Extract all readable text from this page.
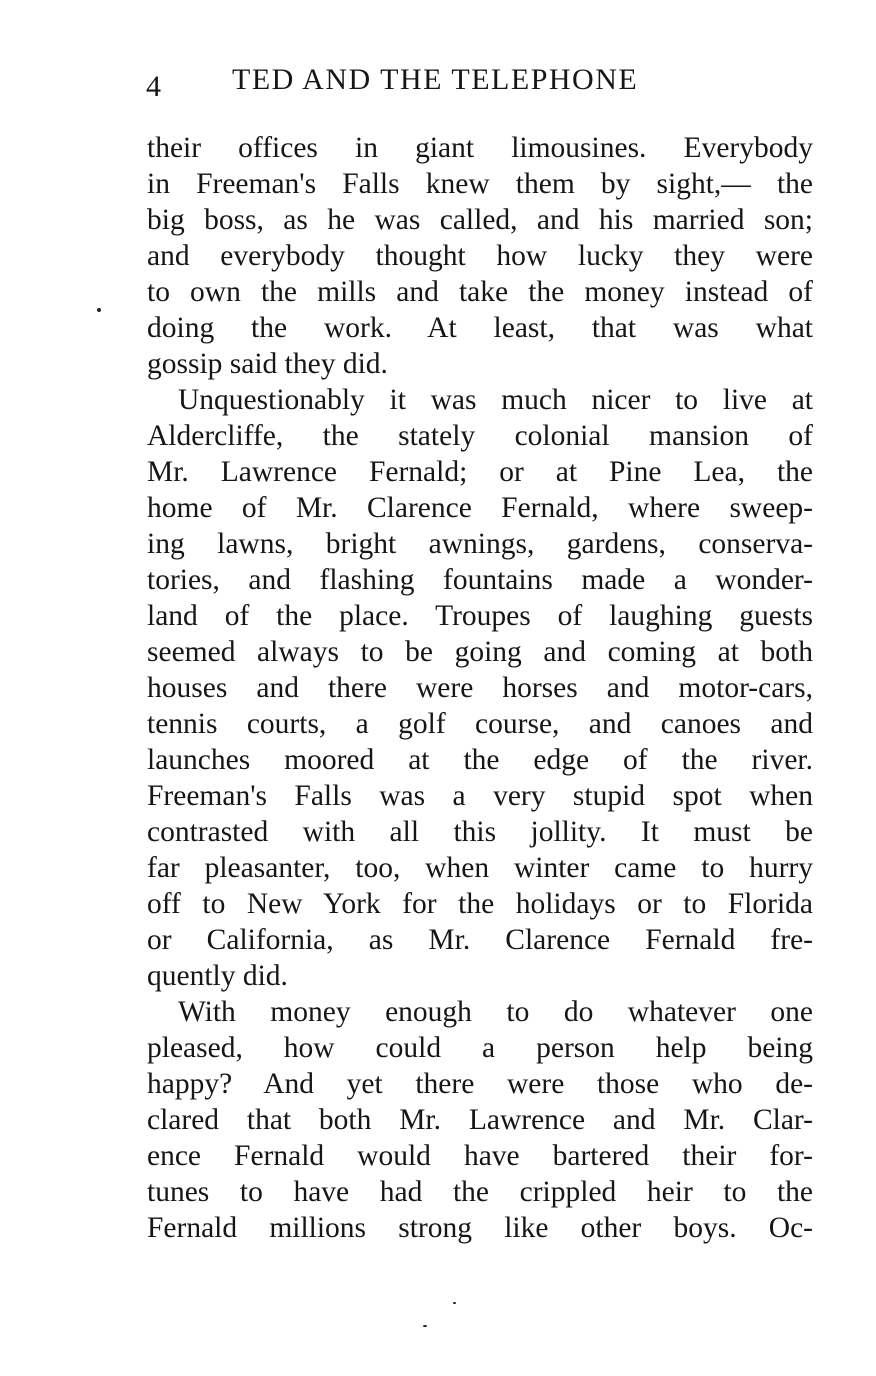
4 TED AND THE TELEPHONE

their offices in giant limousines. Everybody
in Freeman's Falls knew them by sight,— the
big boss, as he was called, and his married son;
and everybody thought how lucky they were
to own the mills and take the money instead of
doing the work. At least, that was what
gossip said they did.

Unquestionably it was much nicer to live at
Aldercliffe, the stately colonial mansion of
Mr. Lawrence Fernald; or at Pine Lea, the
home of Mr. Clarence Fernald, where sweep-
ing lawns, bright awnings, gardens, conserva-
tories, and flashing fountains made a wonder-
land of the place. Troupes of laughing guests
seemed always to be going and coming at both
houses and there were horses and motor-cars,
tennis courts, a golf course, and canoes and
launches moored at the edge of the river.
Freeman's Falls was a very stupid spot when
contrasted with all this jollity. It must be
far pleasanter, too, when winter came to hurry
off to New York for the holidays or to Florida
or California, as Mr. Clarence Fernald fre-
quently did.

With money enough to do whatever one
pleased, how could a person help being
happy? And yet there were those who de-
clared that both Mr. Lawrence and Mr. Clar-
ence Fernald would have bartered their for-
tunes to have had the crippled heir to the
Fernald millions strong like other boys. Oc-
